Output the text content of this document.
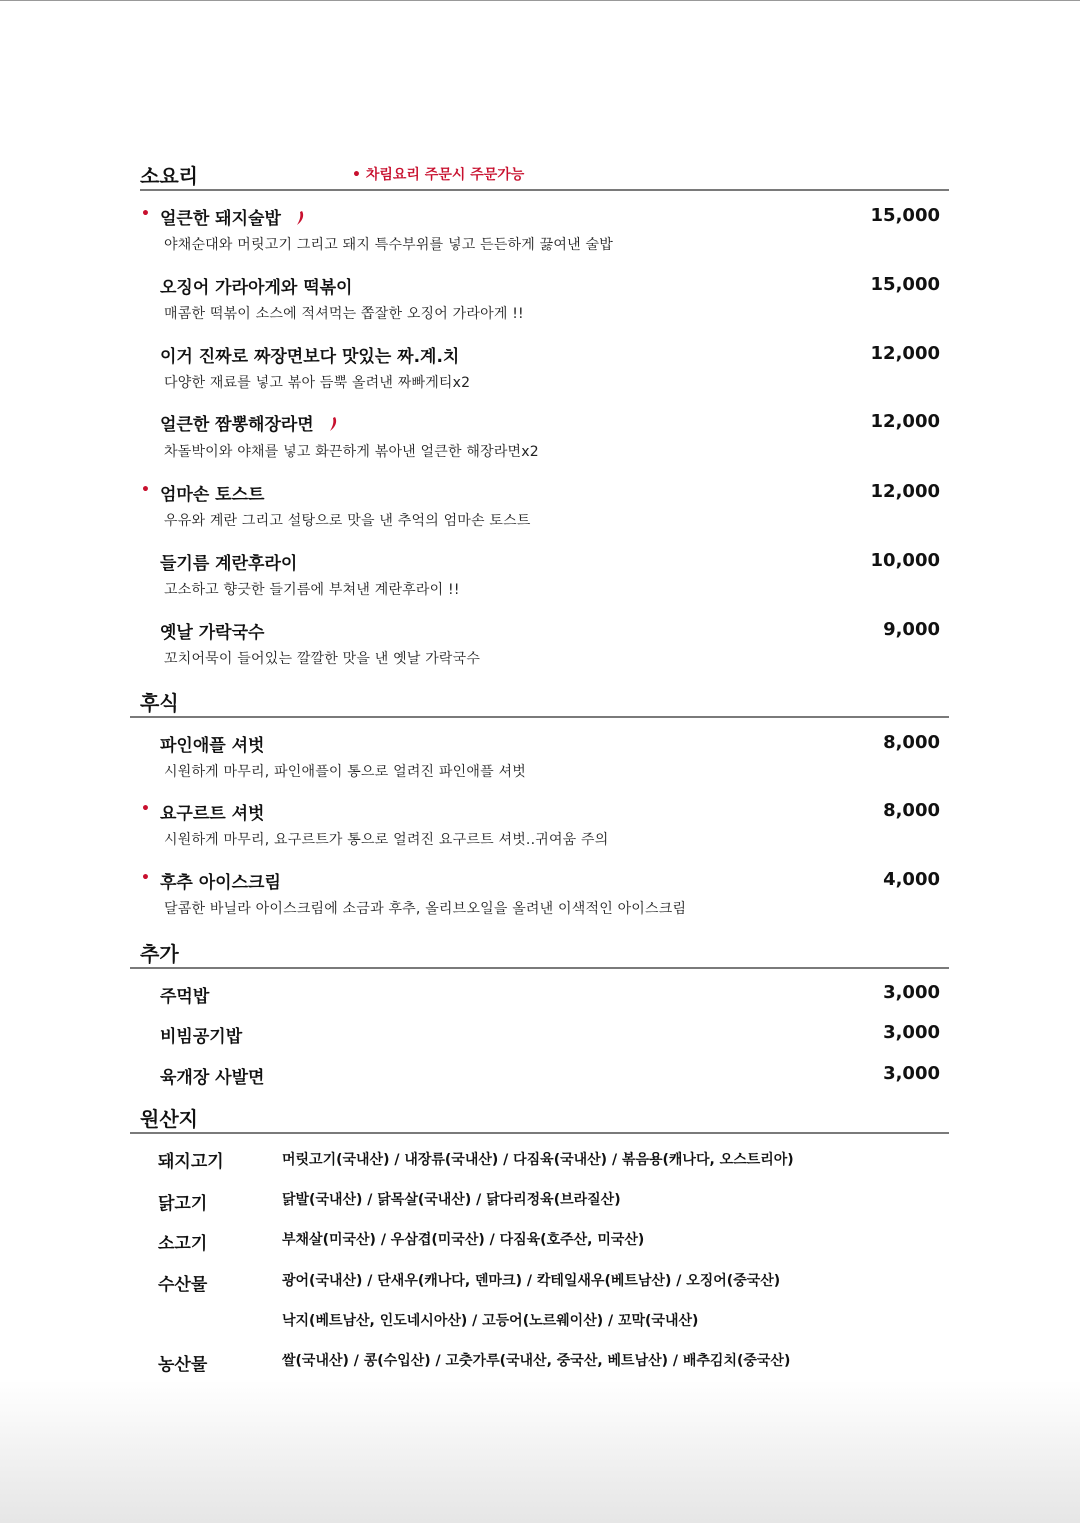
소요리	• 차림요리 주문시 주문가능
• 얼큰한 돼지술밥
야채순대와 머릿고기 그리고 돼지 특수부위를 넣고 든든하게 끓여낸 술밥
15,000
오징어 가라아게와 떡볶이
매콤한 떡볶이 소스에 적셔먹는 쫍잘한 오징어 가라아게 !!
15,000
이거 진짜로 짜장면보다 맛있는 짜.계.치
다양한 재료를 넣고 볶아 듬뿍 올려낸 짜빠게티x2
12,000
얼큰한 짬뽕해장라면
차돌박이와 야채를 넣고 화끈하게 볶아낸 얼큰한 해장라면x2
12,000
• 엄마손 토스트
우유와 계란 그리고 설탕으로 맛을 낸 추억의 엄마손 토스트
12,000
들기름 계란후라이
고소하고 향긋한 들기름에 부쳐낸 계란후라이 !!
10,000
옛날 가락국수
꼬치어묵이 들어있는 깔깔한 맛을 낸 옛날 가락국수
9,000
후식
파인애플 셔벗
시원하게 마무리, 파인애플이 통으로 얼려진 파인애플 셔벗
8,000
• 요구르트 셔벗
시원하게 마무리, 요구르트가 통으로 얼려진 요구르트 셔벗..귀여움 주의
8,000
• 후추 아이스크림
달콤한 바닐라 아이스크림에 소금과 후추, 올리브오일을 올려낸 이색적인 아이스크림
4,000
추가
주먹밥	3,000
비빔공기밥	3,000
육개장 사발면	3,000
원산지
돼지고기	머릿고기(국내산) / 내장류(국내산) / 다짐육(국내산) / 볶음용(캐나다, 오스트리아)
닭고기	닭발(국내산) / 닭목살(국내산) / 닭다리정육(브라질산)
소고기	부채살(미국산) / 우삼겹(미국산) / 다짐육(호주산, 미국산)
수산물	광어(국내산) / 단새우(캐나다, 덴마크) / 칵테일새우(베트남산) / 오징어(중국산)
낙지(베트남산, 인도네시아산) / 고등어(노르웨이산) / 꼬막(국내산)
농산물	쌀(국내산) / 콩(수입산) / 고춧가루(국내산, 중국산, 베트남산) / 배추김치(중국산)
